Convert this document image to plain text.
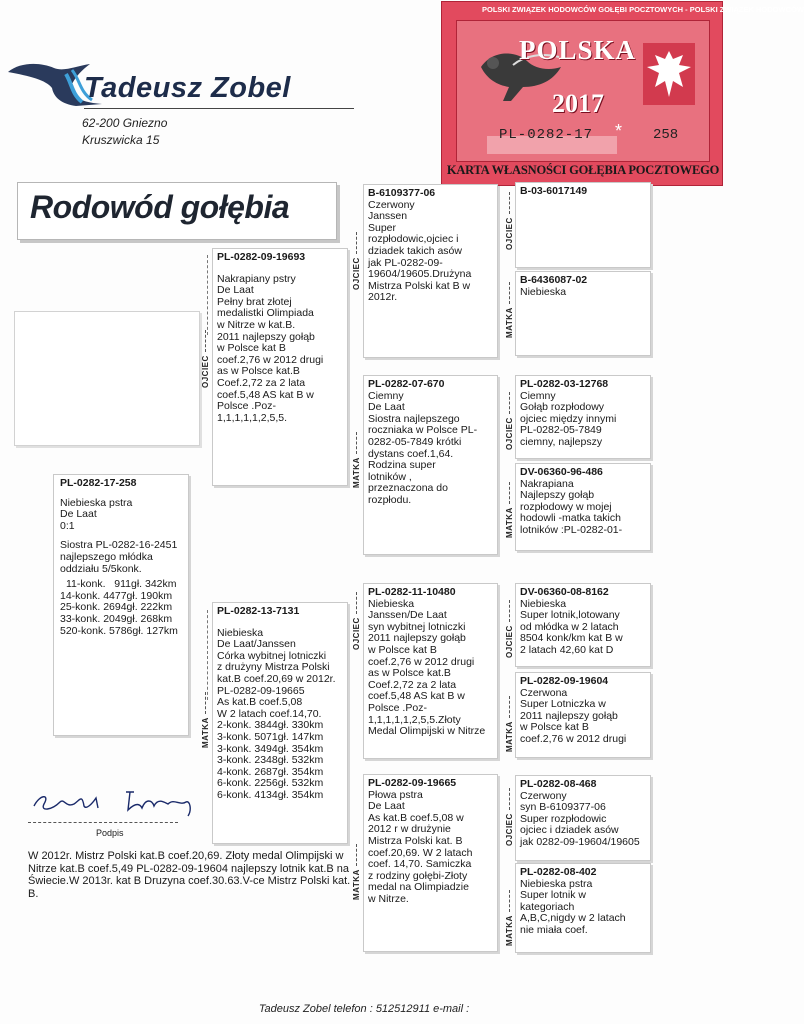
Tadeusz Zobel
62-200 Gniezno
Kruszwicka 15
POLSKI ZWIĄZEK HODOWCÓW GOŁĘBI POCZTOWYCH - POLSKI ZWIĄZEK HODOWCÓW
POLSKA
2017
PL-0282-17 * 258
KARTA WŁASNOŚCI GOŁĘBIA POCZTOWEGO
Rodowód gołębia
PL-0282-17-258
Niebieska pstra
De Laat
0:1
Siostra PL-0282-16-2451
najlepszego młódka
oddziału 5/5konk.
11-konk.   911gł. 342km
14-konk. 4477gł. 190km
25-konk. 2694gł. 222km
33-konk. 2049gł. 268km
520-konk. 5786gł. 127km
OJCIEC
PL-0282-09-19693
Nakrapiany pstry
De Laat
Pełny brat złotej
medalistki Olimpiada
w Nitrze w kat.B.
2011 najlepszy gołąb
w Polsce kat B
coef.2,76 w 2012 drugi
as w Polsce kat.B
Coef.2,72 za 2 lata
coef.5,48 AS kat B w
Polsce .Poz-
1,1,1,1,1,2,5,5.
MATKA
PL-0282-13-7131
Niebieska
De Laat/Janssen
Córka wybitnej lotniczki
z drużyny Mistrza Polski
kat.B coef.20,69 w 2012r.
PL-0282-09-19665
As kat.B coef.5,08
W 2 latach coef.14,70.
2-konk. 3844gł. 330km
3-konk. 5071gł. 147km
3-konk. 3494gł. 354km
3-konk. 2348gł. 532km
4-konk. 2687gł. 354km
6-konk. 2256gł. 532km
6-konk. 4134gł. 354km
OJCIEC
B-6109377-06
Czerwony
Janssen
Super
rozpłodowic,ojciec i
dziadek takich asów
jak PL-0282-09-
19604/19605.Drużyna
Mistrza Polski kat B w
2012r.
MATKA
PL-0282-07-670
Ciemny
De Laat
Siostra najlepszego
roczniaka w Polsce PL-
0282-05-7849 krótki
dystans coef.1,64.
Rodzina super
lotników ,
przeznaczona do
rozpłodu.
OJCIEC
PL-0282-11-10480
Niebieska
Janssen/De Laat
syn wybitnej lotniczki
2011 najlepszy gołąb
w Polsce kat B
coef.2,76 w 2012 drugi
as w Polsce kat.B
Coef.2,72 za 2 lata
coef.5,48 AS kat B w
Polsce .Poz-
1,1,1,1,1,2,5,5.Złoty
Medal Olimpijski w Nitrze
MATKA
PL-0282-09-19665
Płowa pstra
De Laat
As kat.B coef.5,08 w
2012 r w drużynie
Mistrza Polski kat. B
coef.20,69. W 2 latach
coef. 14,70. Samiczka
z rodziny gołębi-Złoty
medal na Olimpiadzie
w Nitrze.
OJCIEC
B-03-6017149
MATKA
B-6436087-02
Niebieska
OJCIEC
PL-0282-03-12768
Ciemny
Gołąb rozpłodowy
ojciec między innymi
PL-0282-05-7849
ciemny, najlepszy
MATKA
DV-06360-96-486
Nakrapiana
Najlepszy gołąb
rozpłodowy w mojej
hodowli -matka takich
lotników :PL-0282-01-
OJCIEC
DV-06360-08-8162
Niebieska
Super lotnik,lotowany
od młódka w 2 latach
8504 konk/km kat B w
2 latach 42,60 kat D
MATKA
PL-0282-09-19604
Czerwona
Super Lotniczka w
2011 najlepszy gołąb
w Polsce kat B
coef.2,76 w 2012 drugi
OJCIEC
PL-0282-08-468
Czerwony
syn B-6109377-06
Super rozpłodowic
ojciec i dziadek asów
jak 0282-09-19604/19605
MATKA
PL-0282-08-402
Niebieska pstra
Super lotnik w
kategoriach
A,B,C,nigdy w 2 latach
nie miała coef.
Podpis
W 2012r. Mistrz Polski kat.B coef.20,69. Złoty medal Olimpijski w Nitrze kat.B coef.5,49 PL-0282-09-19604 najlepszy lotnik kat.B na Świecie.W 2013r. kat B Druzyna coef.30.63.V-ce Mistrz Polski kat. B.
Tadeusz Zobel telefon : 512512911 e-mail :
